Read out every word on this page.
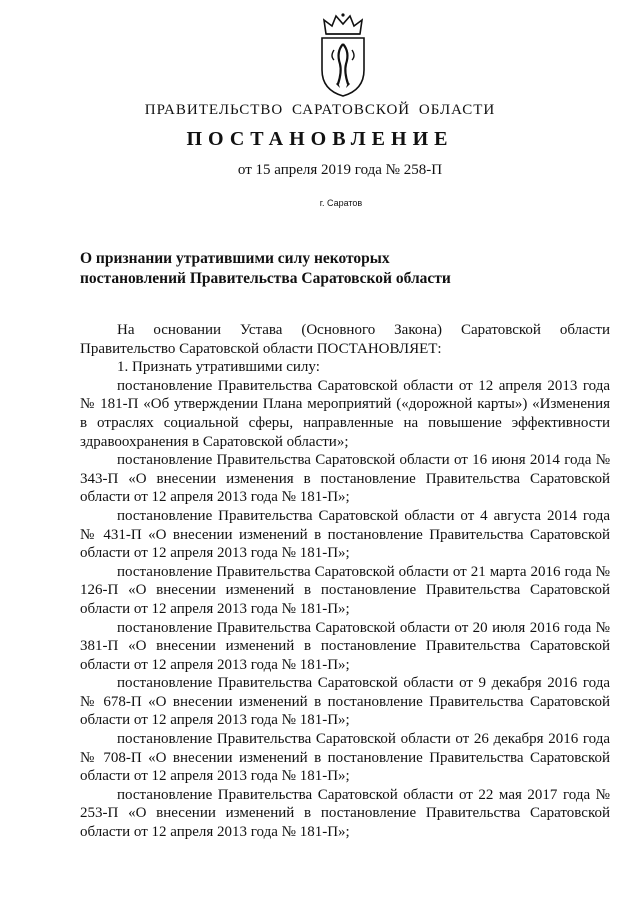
ПРАВИТЕЛЬСТВО САРАТОВСКОЙ ОБЛАСТИ
ПОСТАНОВЛЕНИЕ
от 15 апреля 2019 года № 258-П
г. Саратов
О признании утратившими силу некоторых
постановлений Правительства Саратовской области

На основании Устава (Основного Закона) Саратовской области Правительство Саратовской области ПОСТАНОВЛЯЕТ:

1. Признать утратившими силу:

постановление Правительства Саратовской области от 12 апреля 2013 года № 181-П «Об утверждении Плана мероприятий («дорожной карты») «Изменения в отраслях социальной сферы, направленные на повышение эффективности здравоохранения в Саратовской области»;

постановление Правительства Саратовской области от 16 июня 2014 года № 343-П «О внесении изменения в постановление Правительства Саратовской области от 12 апреля 2013 года № 181-П»;

постановление Правительства Саратовской области от 4 августа 2014 года № 431-П «О внесении изменений в постановление Правительства Саратовской области от 12 апреля 2013 года № 181-П»;

постановление Правительства Саратовской области от 21 марта 2016 года № 126-П «О внесении изменений в постановление Правительства Саратовской области от 12 апреля 2013 года № 181-П»;

постановление Правительства Саратовской области от 20 июля 2016 года № 381-П «О внесении изменений в постановление Правительства Саратовской области от 12 апреля 2013 года № 181-П»;

постановление Правительства Саратовской области от 9 декабря 2016 года № 678-П «О внесении изменений в постановление Правительства Саратовской области от 12 апреля 2013 года № 181-П»;

постановление Правительства Саратовской области от 26 декабря 2016 года № 708-П «О внесении изменений в постановление Правительства Саратовской области от 12 апреля 2013 года № 181-П»;

постановление Правительства Саратовской области от 22 мая 2017 года № 253-П «О внесении изменений в постановление Правительства Саратовской области от 12 апреля 2013 года № 181-П»;
